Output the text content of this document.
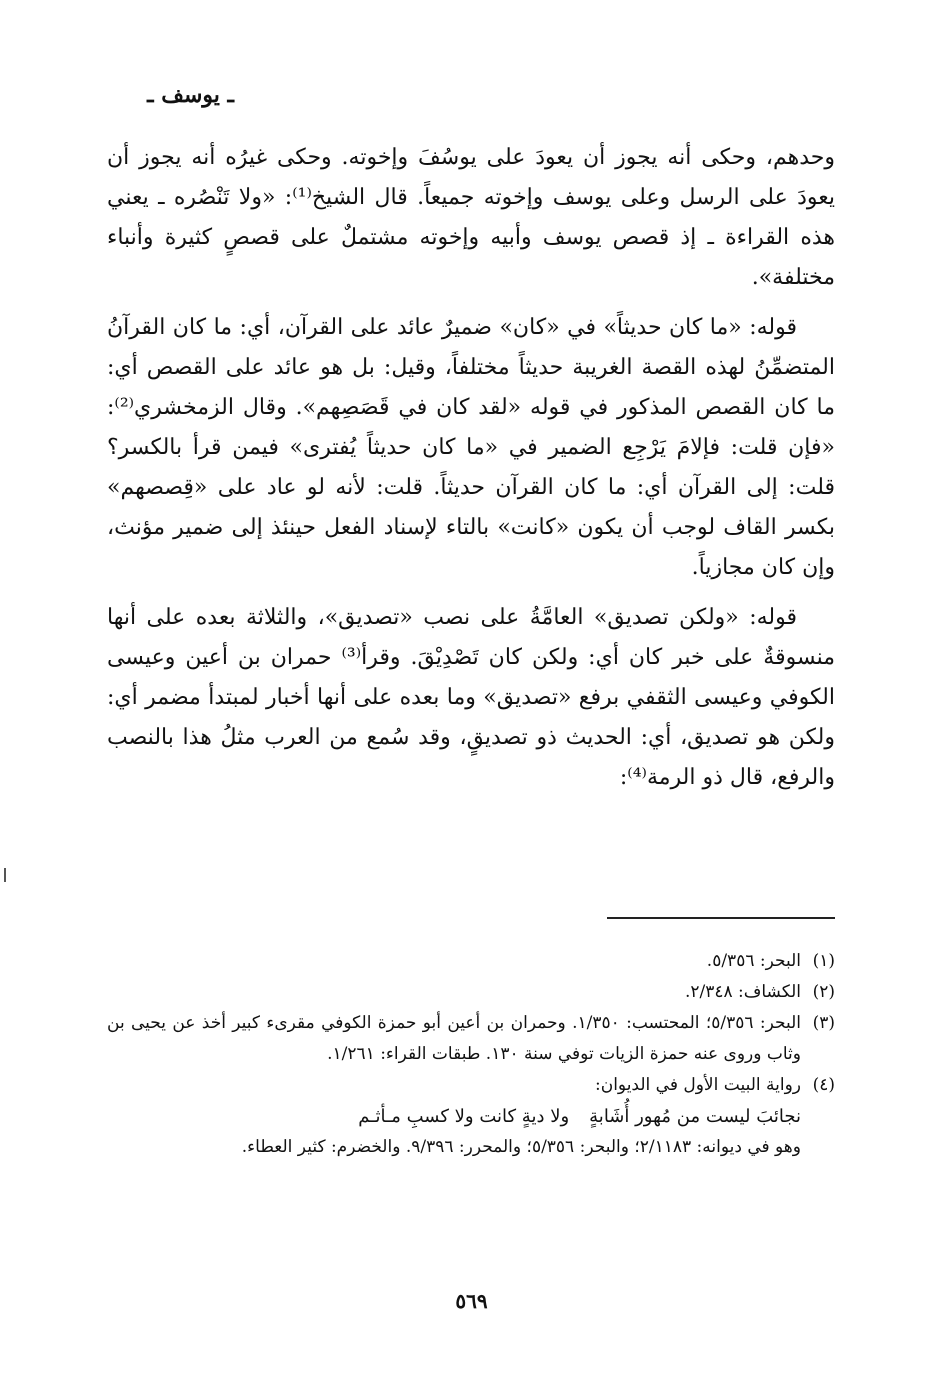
ـ يوسف ـ

وحدهم، وحكى أنه يجوز أن يعودَ على يوسُفَ وإخوته. وحكى غيرُه أنه يجوز أن يعودَ على الرسل وعلى يوسف وإخوته جميعاً. قال الشيخ⁽¹⁾: «ولا تَنْصُره ـ يعني هذه القراءة ـ إذ قصص يوسف وأبيه وإخوته مشتملٌ على قصصٍ كثيرة وأنباء مختلفة».

قوله: «ما كان حديثاً» في «كان» ضميرٌ عائد على القرآن، أي: ما كان القرآنُ المتضمِّنُ لهذه القصة الغريبة حديثاً مختلفاً، وقيل: بل هو عائد على القصص أي: ما كان القصص المذكور في قوله «لقد كان في قَصَصِهم». وقال الزمخشري⁽²⁾: «فإن قلت: فإلامَ يَرْجِع الضمير في «ما كان حديثاً يُفترى» فيمن قرأ بالكسر؟ قلت: إلى القرآن أي: ما كان القرآن حديثاً. قلت: لأنه لو عاد على «قِصصهم» بكسر القاف لوجب أن يكون «كانت» بالتاء لإسناد الفعل حينئذ إلى ضمير مؤنث، وإن كان مجازياً.

قوله: «ولكن تصديق» العامَّةُ على نصب «تصديق»، والثلاثة بعده على أنها منسوقةٌ على خبر كان أي: ولكن كان تَصْدِيْقَ. وقرأ⁽³⁾ حمران بن أعين وعيسى الكوفي وعيسى الثقفي برفع «تصديق» وما بعده على أنها أخبار لمبتدأ مضمر أي: ولكن هو تصديق، أي: الحديث ذو تصديقٍ، وقد سُمع من العرب مثلُ هذا بالنصب والرفع، قال ذو الرمة⁽⁴⁾:

(١)
البحر: ٥/٣٥٦.
(٢)
الكشاف: ٢/٣٤٨.
(٣)
البحر: ٥/٣٥٦؛ المحتسب: ١/٣٥٠. وحمران بن أعين أبو حمزة الكوفي مقرىء كبير أخذ عن يحيى بن وثاب وروى عنه حمزة الزيات توفي سنة ١٣٠. طبقات القراء: ١/٢٦١.
(٤)
رواية البيت الأول في الديوان:
نجائبَ ليست من مُهور أُشَابةٍ
ولا ديةٍ كانت ولا كسبِ مـأثـم
وهو في ديوانه: ٢/١١٨٣؛ والبحر: ٥/٣٥٦؛ والمحرر: ٩/٣٩٦. والخضرم: كثير العطاء.
٥٦٩
